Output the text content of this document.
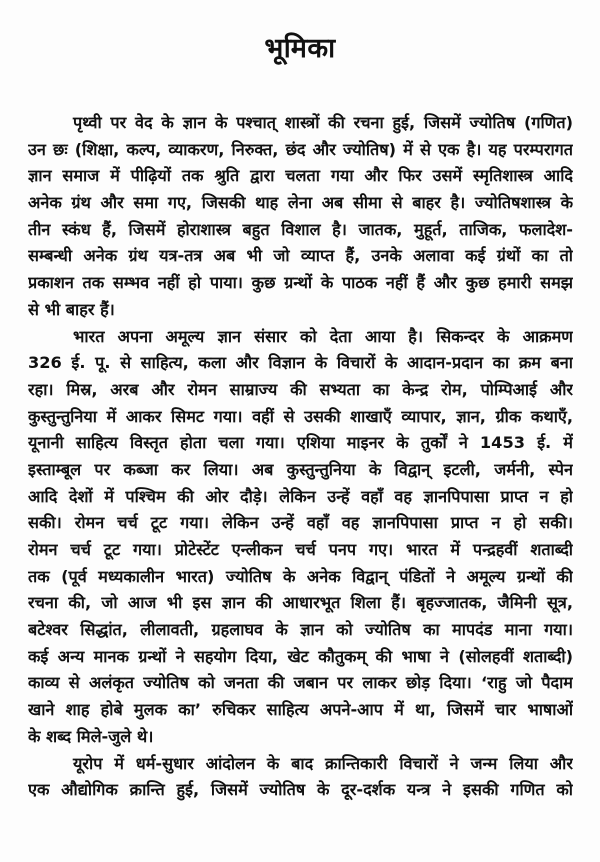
भूमिका
पृथ्वी पर वेद के ज्ञान के पश्चात् शास्त्रों की रचना हुई, जिसमें ज्योतिष (गणित)
उन छः (शिक्षा, कल्प, व्याकरण, निरुक्त, छंद और ज्योतिष) में से एक है। यह परम्परागत
ज्ञान समाज में पीढ़ियों तक श्रुति द्वारा चलता गया और फिर उसमें स्मृतिशास्त्र आदि
अनेक ग्रंथ और समा गए, जिसकी थाह लेना अब सीमा से बाहर है। ज्योतिषशास्त्र के
तीन स्कंध हैं, जिसमें होराशास्त्र बहुत विशाल है। जातक, मुहूर्त, ताजिक, फलादेश-
सम्बन्धी अनेक ग्रंथ यत्र-तत्र अब भी जो व्याप्त हैं, उनके अलावा कई ग्रंथों का तो
प्रकाशन तक सम्भव नहीं हो पाया। कुछ ग्रन्थों के पाठक नहीं हैं और कुछ हमारी समझ
से भी बाहर हैं।
भारत अपना अमूल्य ज्ञान संसार को देता आया है। सिकन्दर के आक्रमण
326 ई. पू. से साहित्य, कला और विज्ञान के विचारों के आदान-प्रदान का क्रम बना
रहा। मिस्र, अरब और रोमन साम्राज्य की सभ्यता का केन्द्र रोम, पोम्पिआई और
कुस्तुन्तुनिया में आकर सिमट गया। वहीं से उसकी शाखाएँ व्यापार, ज्ञान, ग्रीक कथाएँ,
यूनानी साहित्य विस्तृत होता चला गया। एशिया माइनर के तुर्कों ने 1453 ई. में
इस्ताम्बूल पर कब्जा कर लिया। अब कुस्तुन्तुनिया के विद्वान् इटली, जर्मनी, स्पेन
आदि देशों में पश्चिम की ओर दौड़े। लेकिन उन्हें वहाँ वह ज्ञानपिपासा प्राप्त न हो
सकी। रोमन चर्च टूट गया। लेकिन उन्हें वहाँ वह ज्ञानपिपासा प्राप्त न हो सकी।
रोमन चर्च टूट गया। प्रोटेस्टेंट एन्लीकन चर्च पनप गए। भारत में पन्द्रहवीं शताब्दी
तक (पूर्व मध्यकालीन भारत) ज्योतिष के अनेक विद्वान् पंडितों ने अमूल्य ग्रन्थों की
रचना की, जो आज भी इस ज्ञान की आधारभूत शिला हैं। बृहज्जातक, जैमिनी सूत्र,
बटेश्वर सिद्धांत, लीलावती, ग्रहलाघव के ज्ञान को ज्योतिष का मापदंड माना गया।
कई अन्य मानक ग्रन्थों ने सहयोग दिया, खेट कौतुकम् की भाषा ने (सोलहवीं शताब्दी)
काव्य से अलंकृत ज्योतिष को जनता की जबान पर लाकर छोड़ दिया। ‘राहु जो पैदाम
खाने शाह होबे मुलक का’ रुचिकर साहित्य अपने-आप में था, जिसमें चार भाषाओं
के शब्द मिले-जुले थे।
यूरोप में धर्म-सुधार आंदोलन के बाद क्रान्तिकारी विचारों ने जन्म लिया और
एक औद्योगिक क्रान्ति हुई, जिसमें ज्योतिष के दूर-दर्शक यन्त्र ने इसकी गणित को
